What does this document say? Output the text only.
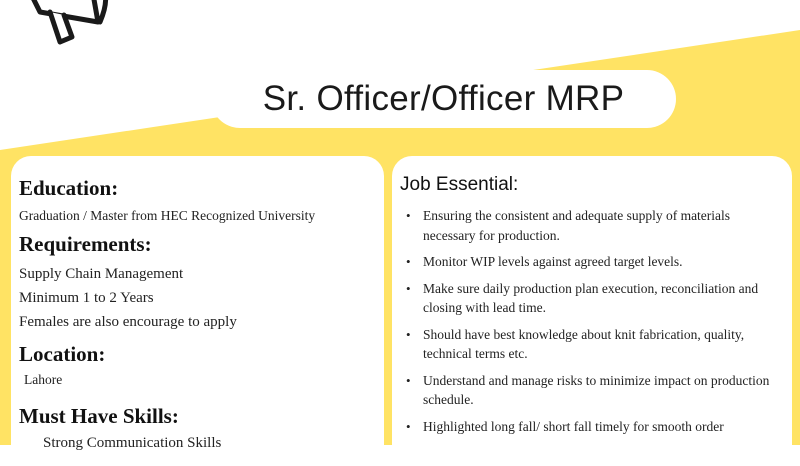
Sr. Officer/Officer MRP
Education:
Graduation / Master from HEC Recognized University
Requirements:
Supply Chain Management
Minimum 1 to 2 Years
Females are also encourage to apply
Location:
Lahore
Must Have Skills:
Strong Communication Skills
Job Essential:
• Ensuring the consistent and adequate supply of materials necessary for production.
• Monitor WIP levels against agreed target levels.
• Make sure daily production plan execution, reconciliation and closing with lead time.
• Should have best knowledge about knit fabrication, quality, technical terms etc.
• Understand and manage risks to minimize impact on production schedule.
• Highlighted long fall/ short fall timely for smooth order
